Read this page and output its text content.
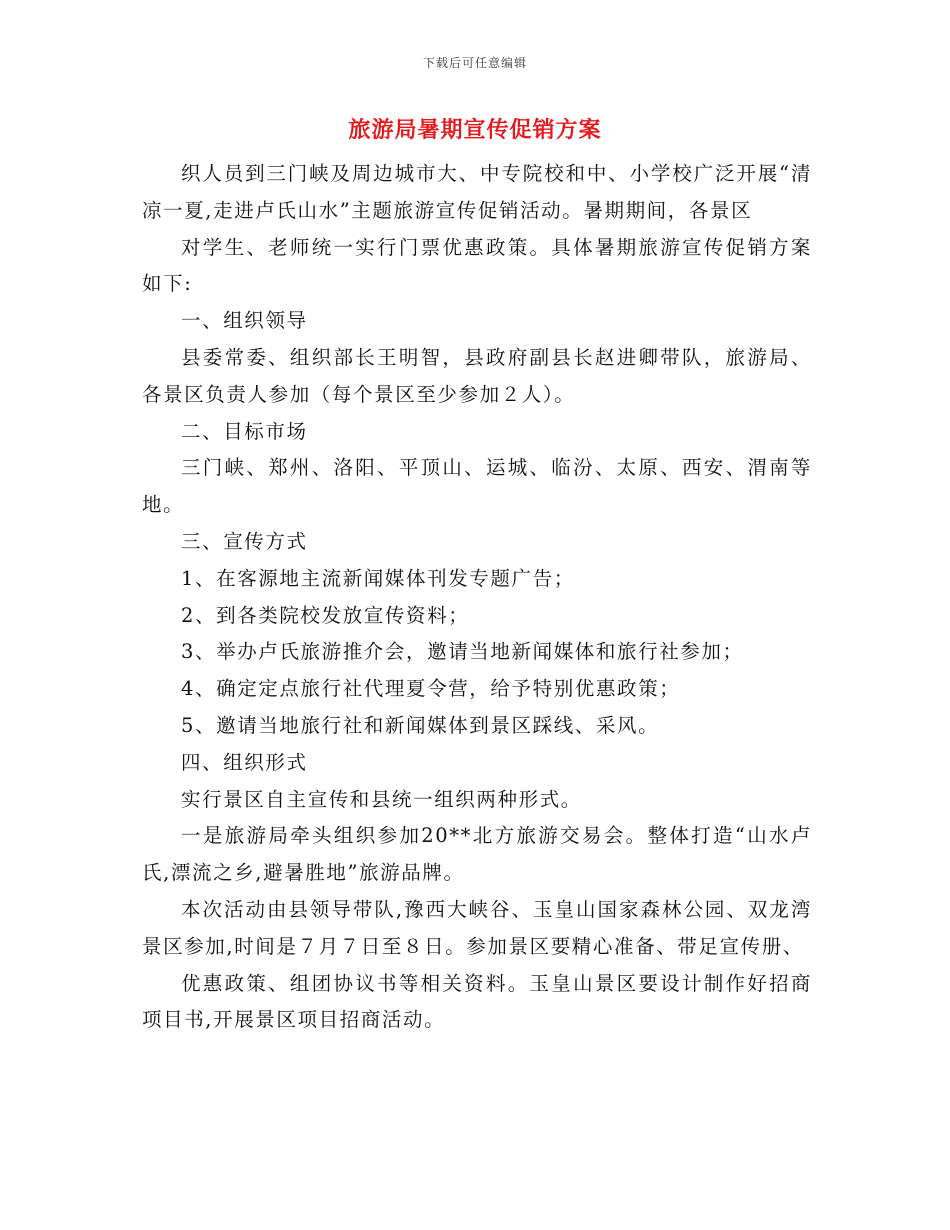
下载后可任意编辑
旅游局暑期宣传促销方案

织人员到三门峡及周边城市大、中专院校和中、小学校广泛开展“清凉一夏,走进卢氏山水”主题旅游宣传促销活动。暑期期间，各景区

对学生、老师统一实行门票优惠政策。具体暑期旅游宣传促销方案如下:

一、组织领导

县委常委、组织部长王明智，县政府副县长赵进卿带队，旅游局、各景区负责人参加（每个景区至少参加２人）。

二、目标市场

三门峡、郑州、洛阳、平顶山、运城、临汾、太原、西安、渭南等地。

三、宣传方式

1、在客源地主流新闻媒体刊发专题广告；

2、到各类院校发放宣传资料；

3、举办卢氏旅游推介会，邀请当地新闻媒体和旅行社参加；

4、确定定点旅行社代理夏令营，给予特别优惠政策；

5、邀请当地旅行社和新闻媒体到景区踩线、采风。

四、组织形式

实行景区自主宣传和县统一组织两种形式。

一是旅游局牵头组织参加20**北方旅游交易会。整体打造“山水卢氏,漂流之乡,避暑胜地”旅游品牌。

本次活动由县领导带队,豫西大峡谷、玉皇山国家森林公园、双龙湾景区参加,时间是７月７日至８日。参加景区要精心准备、带足宣传册、

优惠政策、组团协议书等相关资料。玉皇山景区要设计制作好招商项目书,开展景区项目招商活动。
